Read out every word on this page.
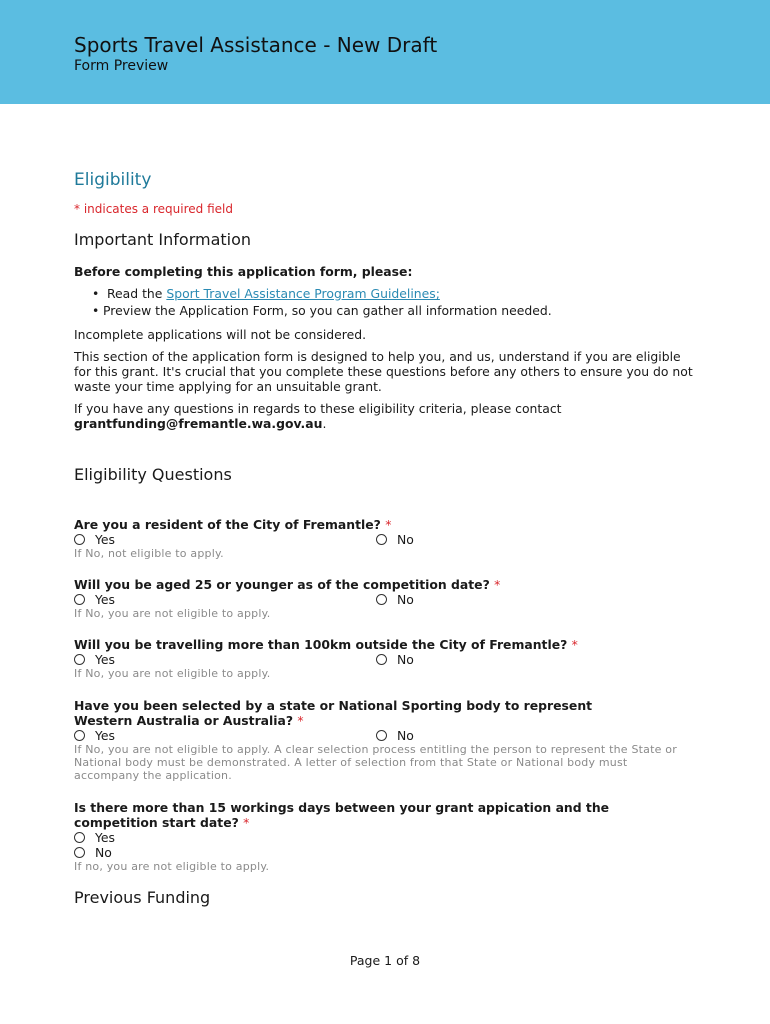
Sports Travel Assistance - New Draft
Form Preview
Eligibility
* indicates a required field
Important Information
Before completing this application form, please:
• Read the Sport Travel Assistance Program Guidelines;
• Preview the Application Form, so you can gather all information needed.
Incomplete applications will not be considered.
This section of the application form is designed to help you, and us, understand if you are eligible for this grant. It's crucial that you complete these questions before any others to ensure you do not waste your time applying for an unsuitable grant.
If you have any questions in regards to these eligibility criteria, please contact
grantfunding@fremantle.wa.gov.au.
Eligibility Questions
Are you a resident of the City of Fremantle? *
Yes	No
If No, not eligible to apply.
Will you be aged 25 or younger as of the competition date? *
Yes	No
If No, you are not eligible to apply.
Will you be travelling more than 100km outside the City of Fremantle? *
Yes	No
If No, you are not eligible to apply.
Have you been selected by a state or National Sporting body to represent Western Australia or Australia? *
Yes	No
If No, you are not eligible to apply. A clear selection process entitling the person to represent the State or National body must be demonstrated. A letter of selection from that State or National body must accompany the application.
Is there more than 15 workings days between your grant appication and the competition start date? *
Yes
No
If no, you are not eligible to apply.
Previous Funding
Page 1 of 8
